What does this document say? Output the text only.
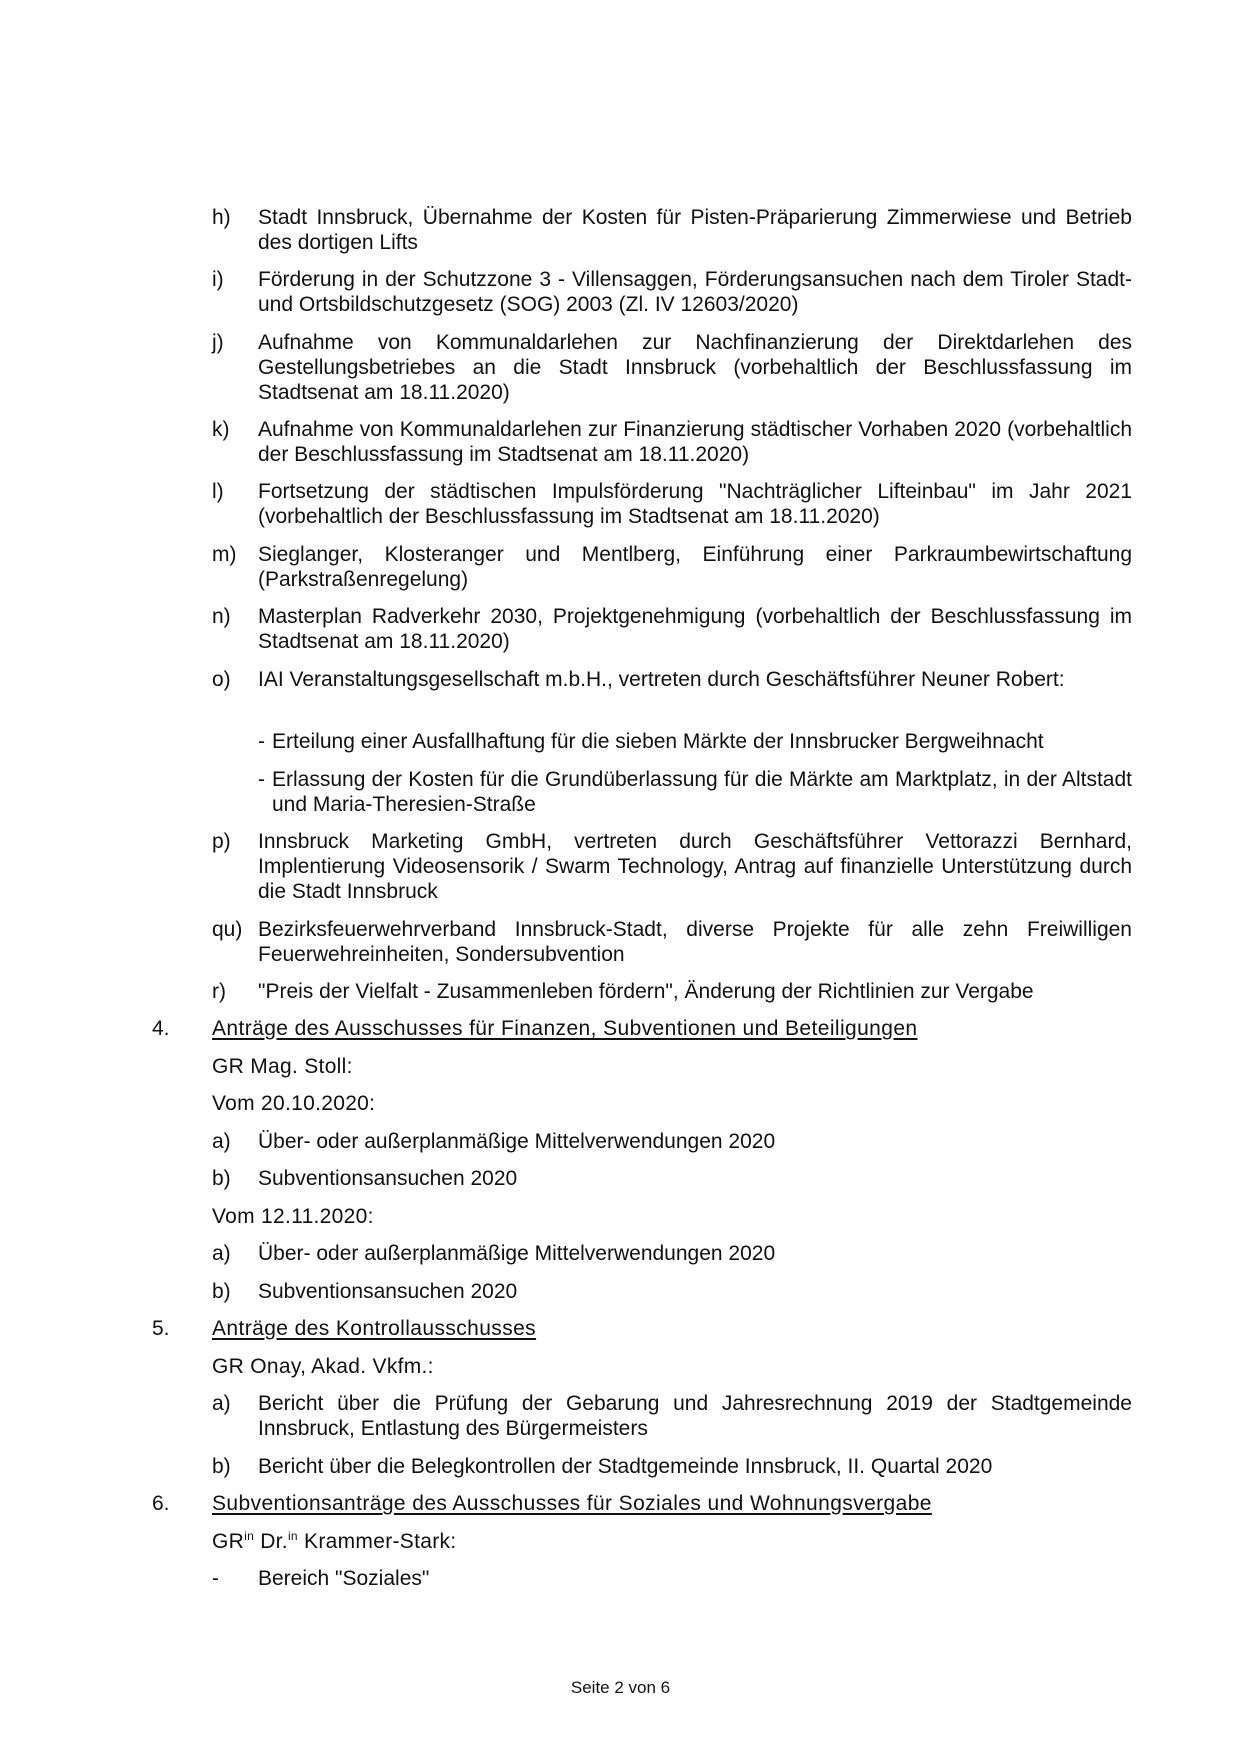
h) Stadt Innsbruck, Übernahme der Kosten für Pisten-Präparierung Zimmerwiese und Betrieb des dortigen Lifts
i) Förderung in der Schutzzone 3 - Villensaggen, Förderungsansuchen nach dem Tiroler Stadt- und Ortsbildschutzgesetz (SOG) 2003 (Zl. IV 12603/2020)
j) Aufnahme von Kommunaldarlehen zur Nachfinanzierung der Direktdarlehen des Gestellungsbetriebes an die Stadt Innsbruck (vorbehaltlich der Beschlussfassung im Stadtsenat am 18.11.2020)
k) Aufnahme von Kommunaldarlehen zur Finanzierung städtischer Vorhaben 2020 (vorbehaltlich der Beschlussfassung im Stadtsenat am 18.11.2020)
l) Fortsetzung der städtischen Impulsförderung "Nachträglicher Lifteinbau" im Jahr 2021 (vorbehaltlich der Beschlussfassung im Stadtsenat am 18.11.2020)
m) Sieglanger, Klosteranger und Mentlberg, Einführung einer Parkraumbewirtschaftung (Parkstraßenregelung)
n) Masterplan Radverkehr 2030, Projektgenehmigung (vorbehaltlich der Beschlussfassung im Stadtsenat am 18.11.2020)
o) IAI Veranstaltungsgesellschaft m.b.H., vertreten durch Geschäftsführer Neuner Robert:
- Erteilung einer Ausfallhaftung für die sieben Märkte der Innsbrucker Bergweihnacht
- Erlassung der Kosten für die Grundüberlassung für die Märkte am Marktplatz, in der Altstadt und Maria-Theresien-Straße
p) Innsbruck Marketing GmbH, vertreten durch Geschäftsführer Vettorazzi Bernhard, Implentierung Videosensorik / Swarm Technology, Antrag auf finanzielle Unterstützung durch die Stadt Innsbruck
qu) Bezirksfeuerwehrverband Innsbruck-Stadt, diverse Projekte für alle zehn Freiwilligen Feuerwehreinheiten, Sondersubvention
r) "Preis der Vielfalt - Zusammenleben fördern", Änderung der Richtlinien zur Vergabe
4. Anträge des Ausschusses für Finanzen, Subventionen und Beteiligungen
GR Mag. Stoll:
Vom 20.10.2020:
a) Über- oder außerplanmäßige Mittelverwendungen 2020
b) Subventionsansuchen 2020
Vom 12.11.2020:
a) Über- oder außerplanmäßige Mittelverwendungen 2020
b) Subventionsansuchen 2020
5. Anträge des Kontrollausschusses
GR Onay, Akad. Vkfm.:
a) Bericht über die Prüfung der Gebarung und Jahresrechnung 2019 der Stadtgemeinde Innsbruck, Entlastung des Bürgermeisters
b) Bericht über die Belegkontrollen der Stadtgemeinde Innsbruck, II. Quartal 2020
6. Subventionsanträge des Ausschusses für Soziales und Wohnungsvergabe
$GR^{in}$ Dr.$^{in}$ Krammer-Stark:
- Bereich "Soziales"
Seite 2 von 6
